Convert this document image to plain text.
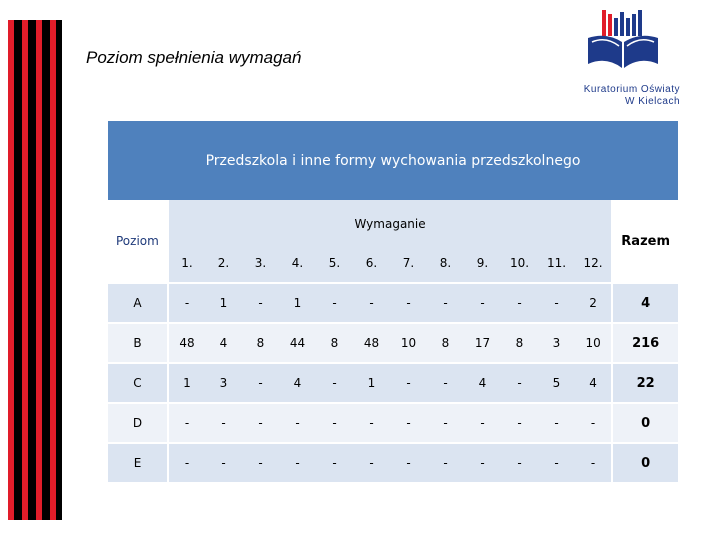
Poziom spełnienia wymagań
Kuratorium Oświaty
W Kielcach
Przedszkola i inne formy wychowania przedszkolnego
Poziom	Wymaganie												Razem
	1.	2.	3.	4.	5.	6.	7.	8.	9.	10.	11.	12.	
A	-	1	-	1	-	-	-	-	-	-	-	2	4
B	48	4	8	44	8	48	10	8	17	8	3	10	216
C	1	3	-	4	-	1	-	-	4	-	5	4	22
D	-	-	-	-	-	-	-	-	-	-	-	-	0
E	-	-	-	-	-	-	-	-	-	-	-	-	0
